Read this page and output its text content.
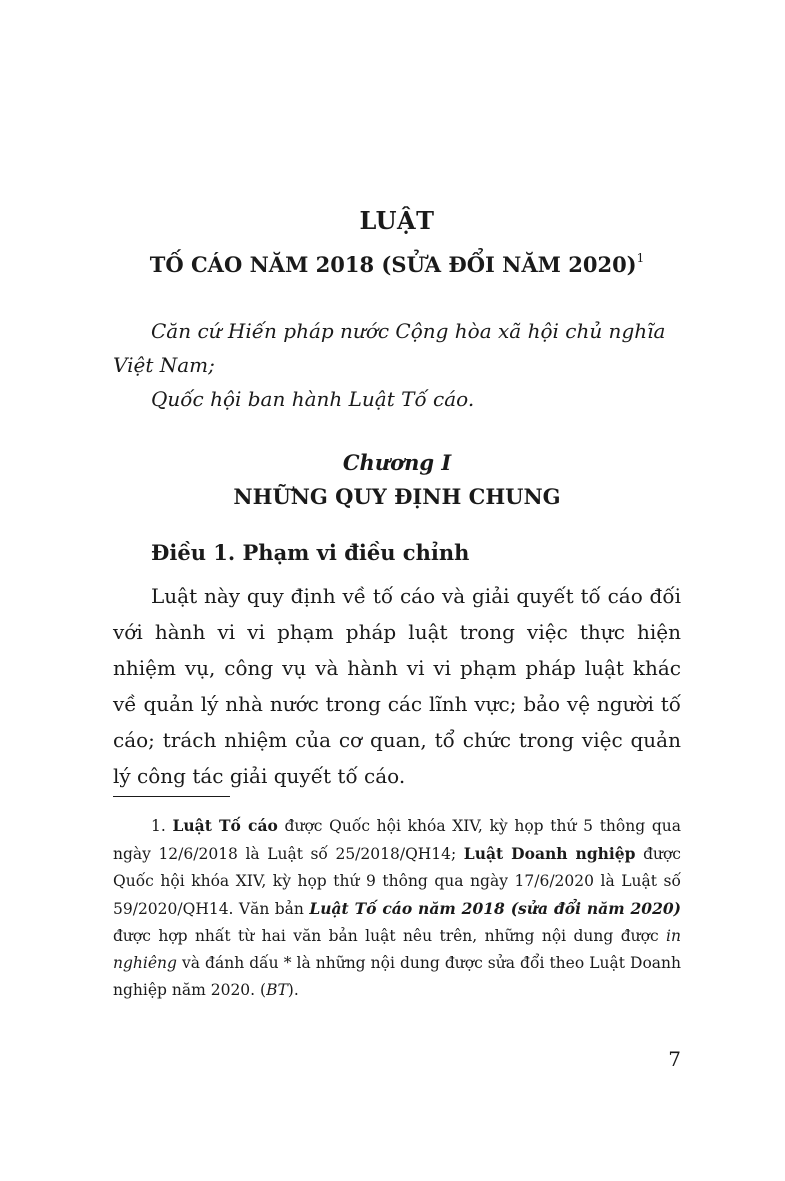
LUẬT
TỐ CÁO NĂM 2018 (SỬA ĐỔI NĂM 2020)$^1$

Căn cứ Hiến pháp nước Cộng hòa xã hội chủ nghĩa Việt Nam;

Quốc hội ban hành Luật Tố cáo.

Chương I
NHỮNG QUY ĐỊNH CHUNG
Điều 1. Phạm vi điều chỉnh

Luật này quy định về tố cáo và giải quyết tố cáo đối với hành vi vi phạm pháp luật trong việc thực hiện nhiệm vụ, công vụ và hành vi vi phạm pháp luật khác về quản lý nhà nước trong các lĩnh vực; bảo vệ người tố cáo; trách nhiệm của cơ quan, tổ chức trong việc quản lý công tác giải quyết tố cáo.

1. Luật Tố cáo được Quốc hội khóa XIV, kỳ họp thứ 5 thông qua ngày 12/6/2018 là Luật số 25/2018/QH14; Luật Doanh nghiệp được Quốc hội khóa XIV, kỳ họp thứ 9 thông qua ngày 17/6/2020 là Luật số 59/2020/QH14. Văn bản Luật Tố cáo năm 2018 (sửa đổi năm 2020) được hợp nhất từ hai văn bản luật nêu trên, những nội dung được in nghiêng và đánh dấu * là những nội dung được sửa đổi theo Luật Doanh nghiệp năm 2020. (BT).

7
